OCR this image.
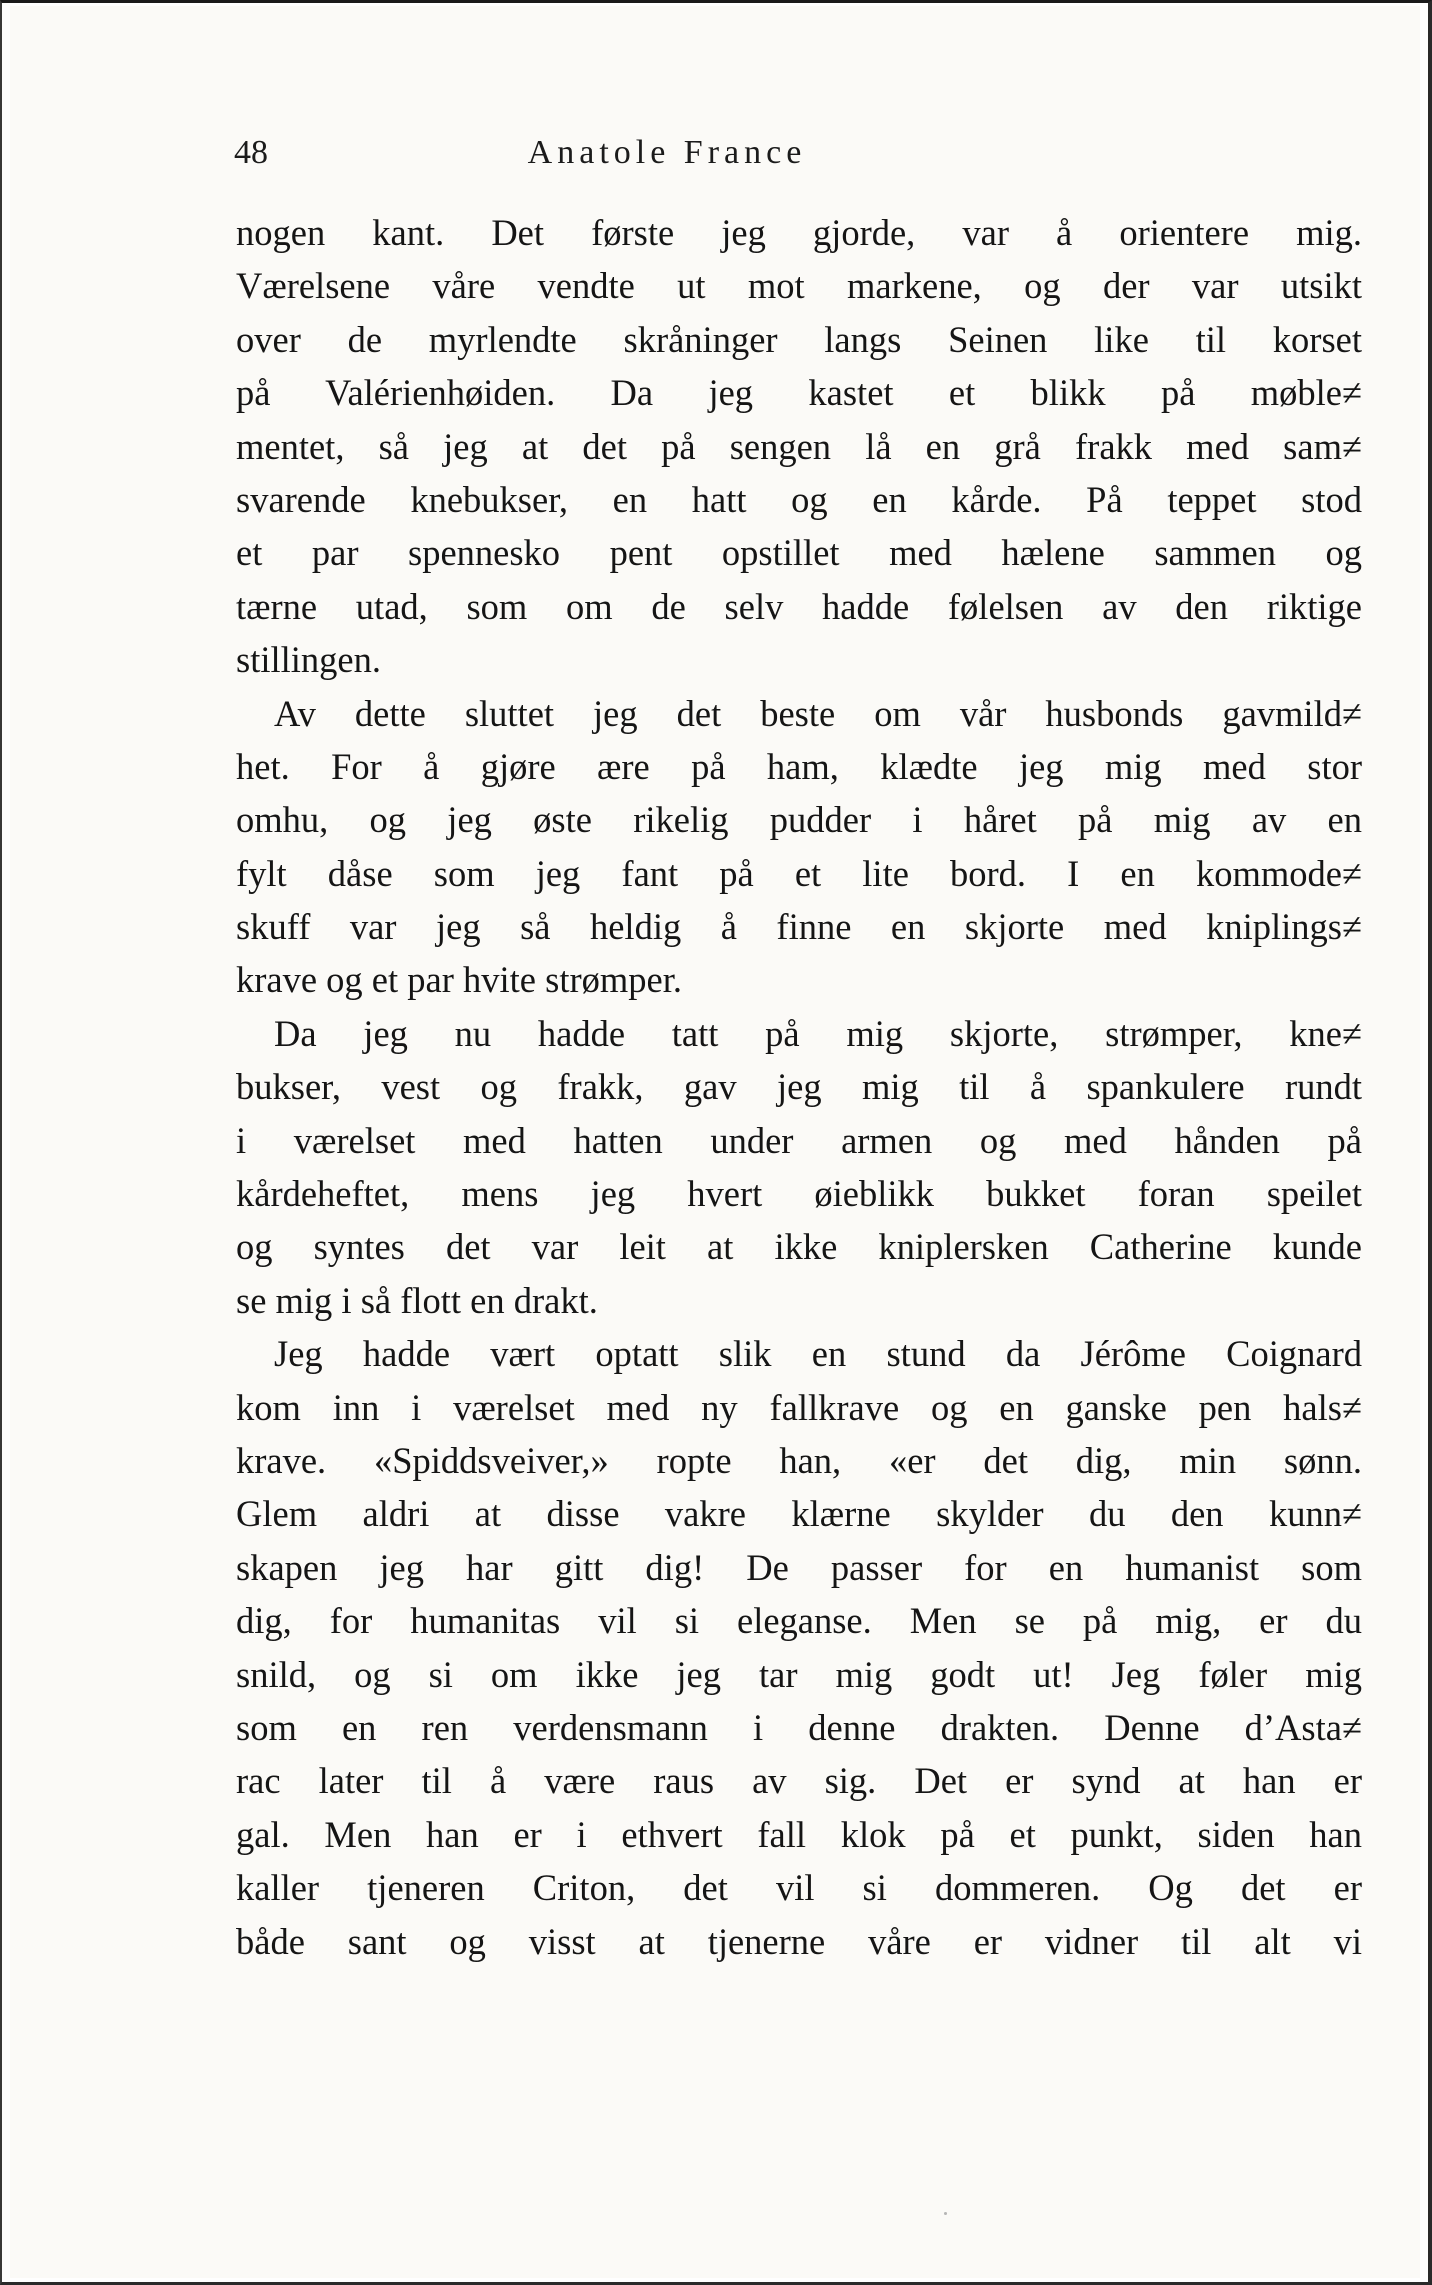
48	Anatole France
nogen kant. Det første jeg gjorde, var å orientere mig.
Værelsene våre vendte ut mot markene, og der var utsikt
over de myrlendte skråninger langs Seinen like til korset
på Valérienhøiden. Da jeg kastet et blikk på møble≠
mentet, så jeg at det på sengen lå en grå frakk med sam≠
svarende knebukser, en hatt og en kårde. På teppet stod
et par spennesko pent opstillet med hælene sammen og
tærne utad, som om de selv hadde følelsen av den riktige
stillingen.
Av dette sluttet jeg det beste om vår husbonds gavmild≠
het. For å gjøre ære på ham, klædte jeg mig med stor
omhu, og jeg øste rikelig pudder i håret på mig av en
fylt dåse som jeg fant på et lite bord. I en kommode≠
skuff var jeg så heldig å finne en skjorte med kniplings≠
krave og et par hvite strømper.
Da jeg nu hadde tatt på mig skjorte, strømper, kne≠
bukser, vest og frakk, gav jeg mig til å spankulere rundt
i værelset med hatten under armen og med hånden på
kårdeheftet, mens jeg hvert øieblikk bukket foran speilet
og syntes det var leit at ikke kniplersken Catherine kunde
se mig i så flott en drakt.
Jeg hadde vært optatt slik en stund da Jérôme Coignard
kom inn i værelset med ny fallkrave og en ganske pen hals≠
krave. «Spiddsveiver,» ropte han, «er det dig, min sønn.
Glem aldri at disse vakre klærne skylder du den kunn≠
skapen jeg har gitt dig! De passer for en humanist som
dig, for humanitas vil si eleganse. Men se på mig, er du
snild, og si om ikke jeg tar mig godt ut! Jeg føler mig
som en ren verdensmann i denne drakten. Denne d’Asta≠
rac later til å være raus av sig. Det er synd at han er
gal. Men han er i ethvert fall klok på et punkt, siden han
kaller tjeneren Criton, det vil si dommeren. Og det er
både sant og visst at tjenerne våre er vidner til alt vi
